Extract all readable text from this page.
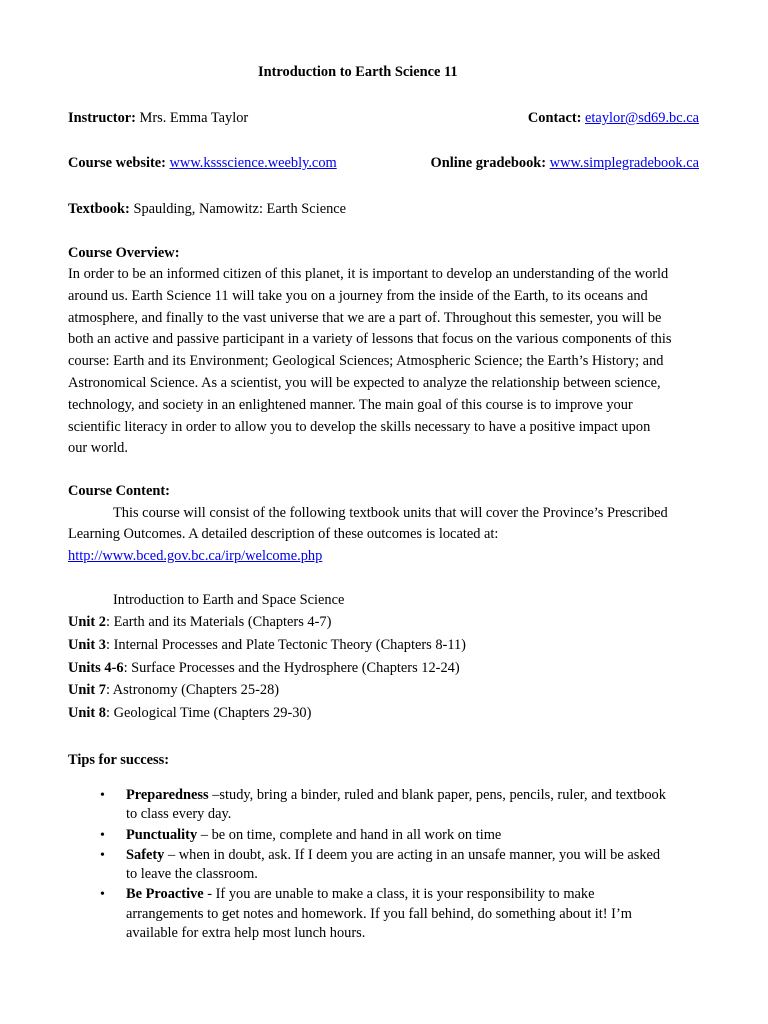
Introduction to Earth Science 11
Instructor: Mrs. Emma Taylor	Contact: etaylor@sd69.bc.ca
Course website: www.kssscience.weebly.com	Online gradebook: www.simplegradebook.ca
Textbook: Spaulding, Namowitz: Earth Science
Course Overview:
In order to be an informed citizen of this planet, it is important to develop an understanding of the world
around us. Earth Science 11 will take you on a journey from the inside of the Earth, to its oceans and
atmosphere, and finally to the vast universe that we are a part of. Throughout this semester, you will be
both an active and passive participant in a variety of lessons that focus on the various components of this
course: Earth and its Environment; Geological Sciences; Atmospheric Science; the Earth’s History; and
Astronomical Science. As a scientist, you will be expected to analyze the relationship between science,
technology, and society in an enlightened manner. The main goal of this course is to improve your
scientific literacy in order to allow you to develop the skills necessary to have a positive impact upon
our world.
Course Content:
This course will consist of the following textbook units that will cover the Province’s Prescribed
Learning Outcomes. A detailed description of these outcomes is located at:
http://www.bced.gov.bc.ca/irp/welcome.php
Introduction to Earth and Space Science
Unit 2: Earth and its Materials (Chapters 4-7)
Unit 3: Internal Processes and Plate Tectonic Theory (Chapters 8-11)
Units 4-6: Surface Processes and the Hydrosphere (Chapters 12-24)
Unit 7: Astronomy (Chapters 25-28)
Unit 8: Geological Time (Chapters 29-30)
Tips for success:
• Preparedness –study, bring a binder, ruled and blank paper, pens, pencils, ruler, and textbook
to class every day.
• Punctuality – be on time, complete and hand in all work on time
• Safety – when in doubt, ask. If I deem you are acting in an unsafe manner, you will be asked
to leave the classroom.
• Be Proactive - If you are unable to make a class, it is your responsibility to make
arrangements to get notes and homework. If you fall behind, do something about it! I’m
available for extra help most lunch hours.
